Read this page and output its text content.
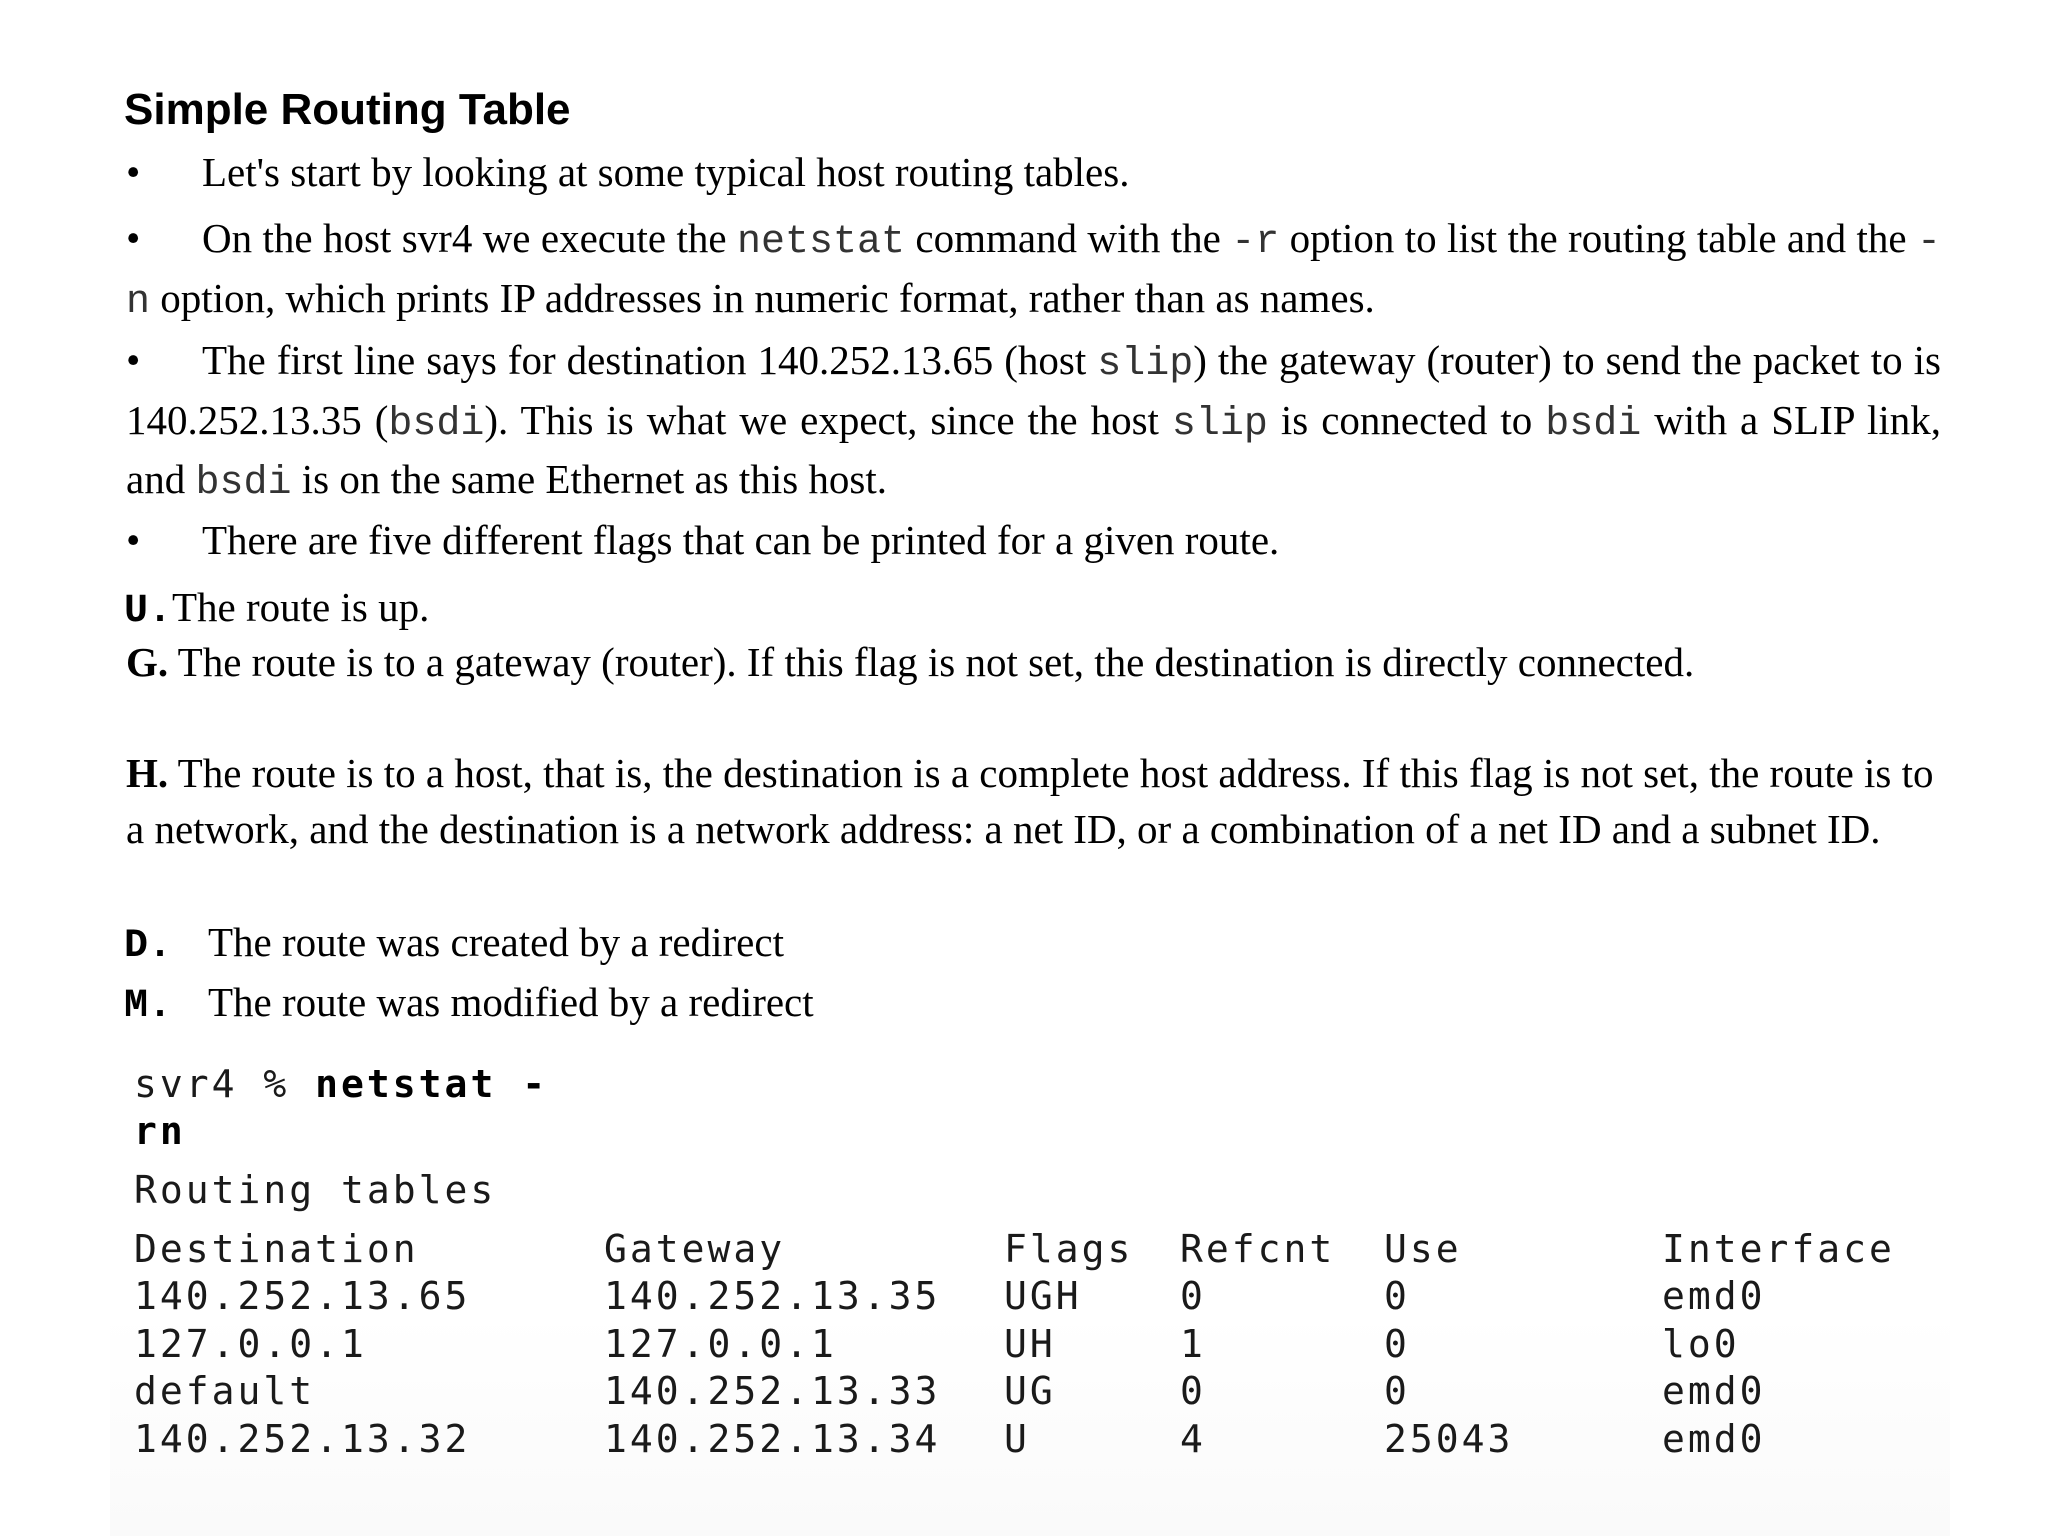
Simple Routing Table
• Let's start by looking at some typical host routing tables.
• On the host svr4 we execute the netstat command with the -r option to list the routing table and the -n option, which prints IP addresses in numeric format, rather than as names.
• The first line says for destination 140.252.13.65 (host slip) the gateway (router) to send the packet to is 140.252.13.35 (bsdi). This is what we expect, since the host slip is connected to bsdi with a SLIP link, and bsdi is on the same Ethernet as this host.
• There are five different flags that can be printed for a given route.
U.The route is up.
G. The route is to a gateway (router). If this flag is not set, the destination is directly connected.
H. The route is to a host, that is, the destination is a complete host address. If this flag is not set, the route is to a network, and the destination is a network address: a net ID, or a combination of a net ID and a subnet ID.
D. The route was created by a redirect
M. The route was modified by a redirect
svr4 % netstat -
rn
Routing tables
Destination	Gateway	Flags Refcnt Use	Interface
140.252.13.65	140.252.13.35 UGH	0	0	emd0
127.0.0.1	127.0.0.1	UH	1	0	lo0
default	140.252.13.33 UG	0	0	emd0
140.252.13.32	140.252.13.34 U	4	25043	emd0
